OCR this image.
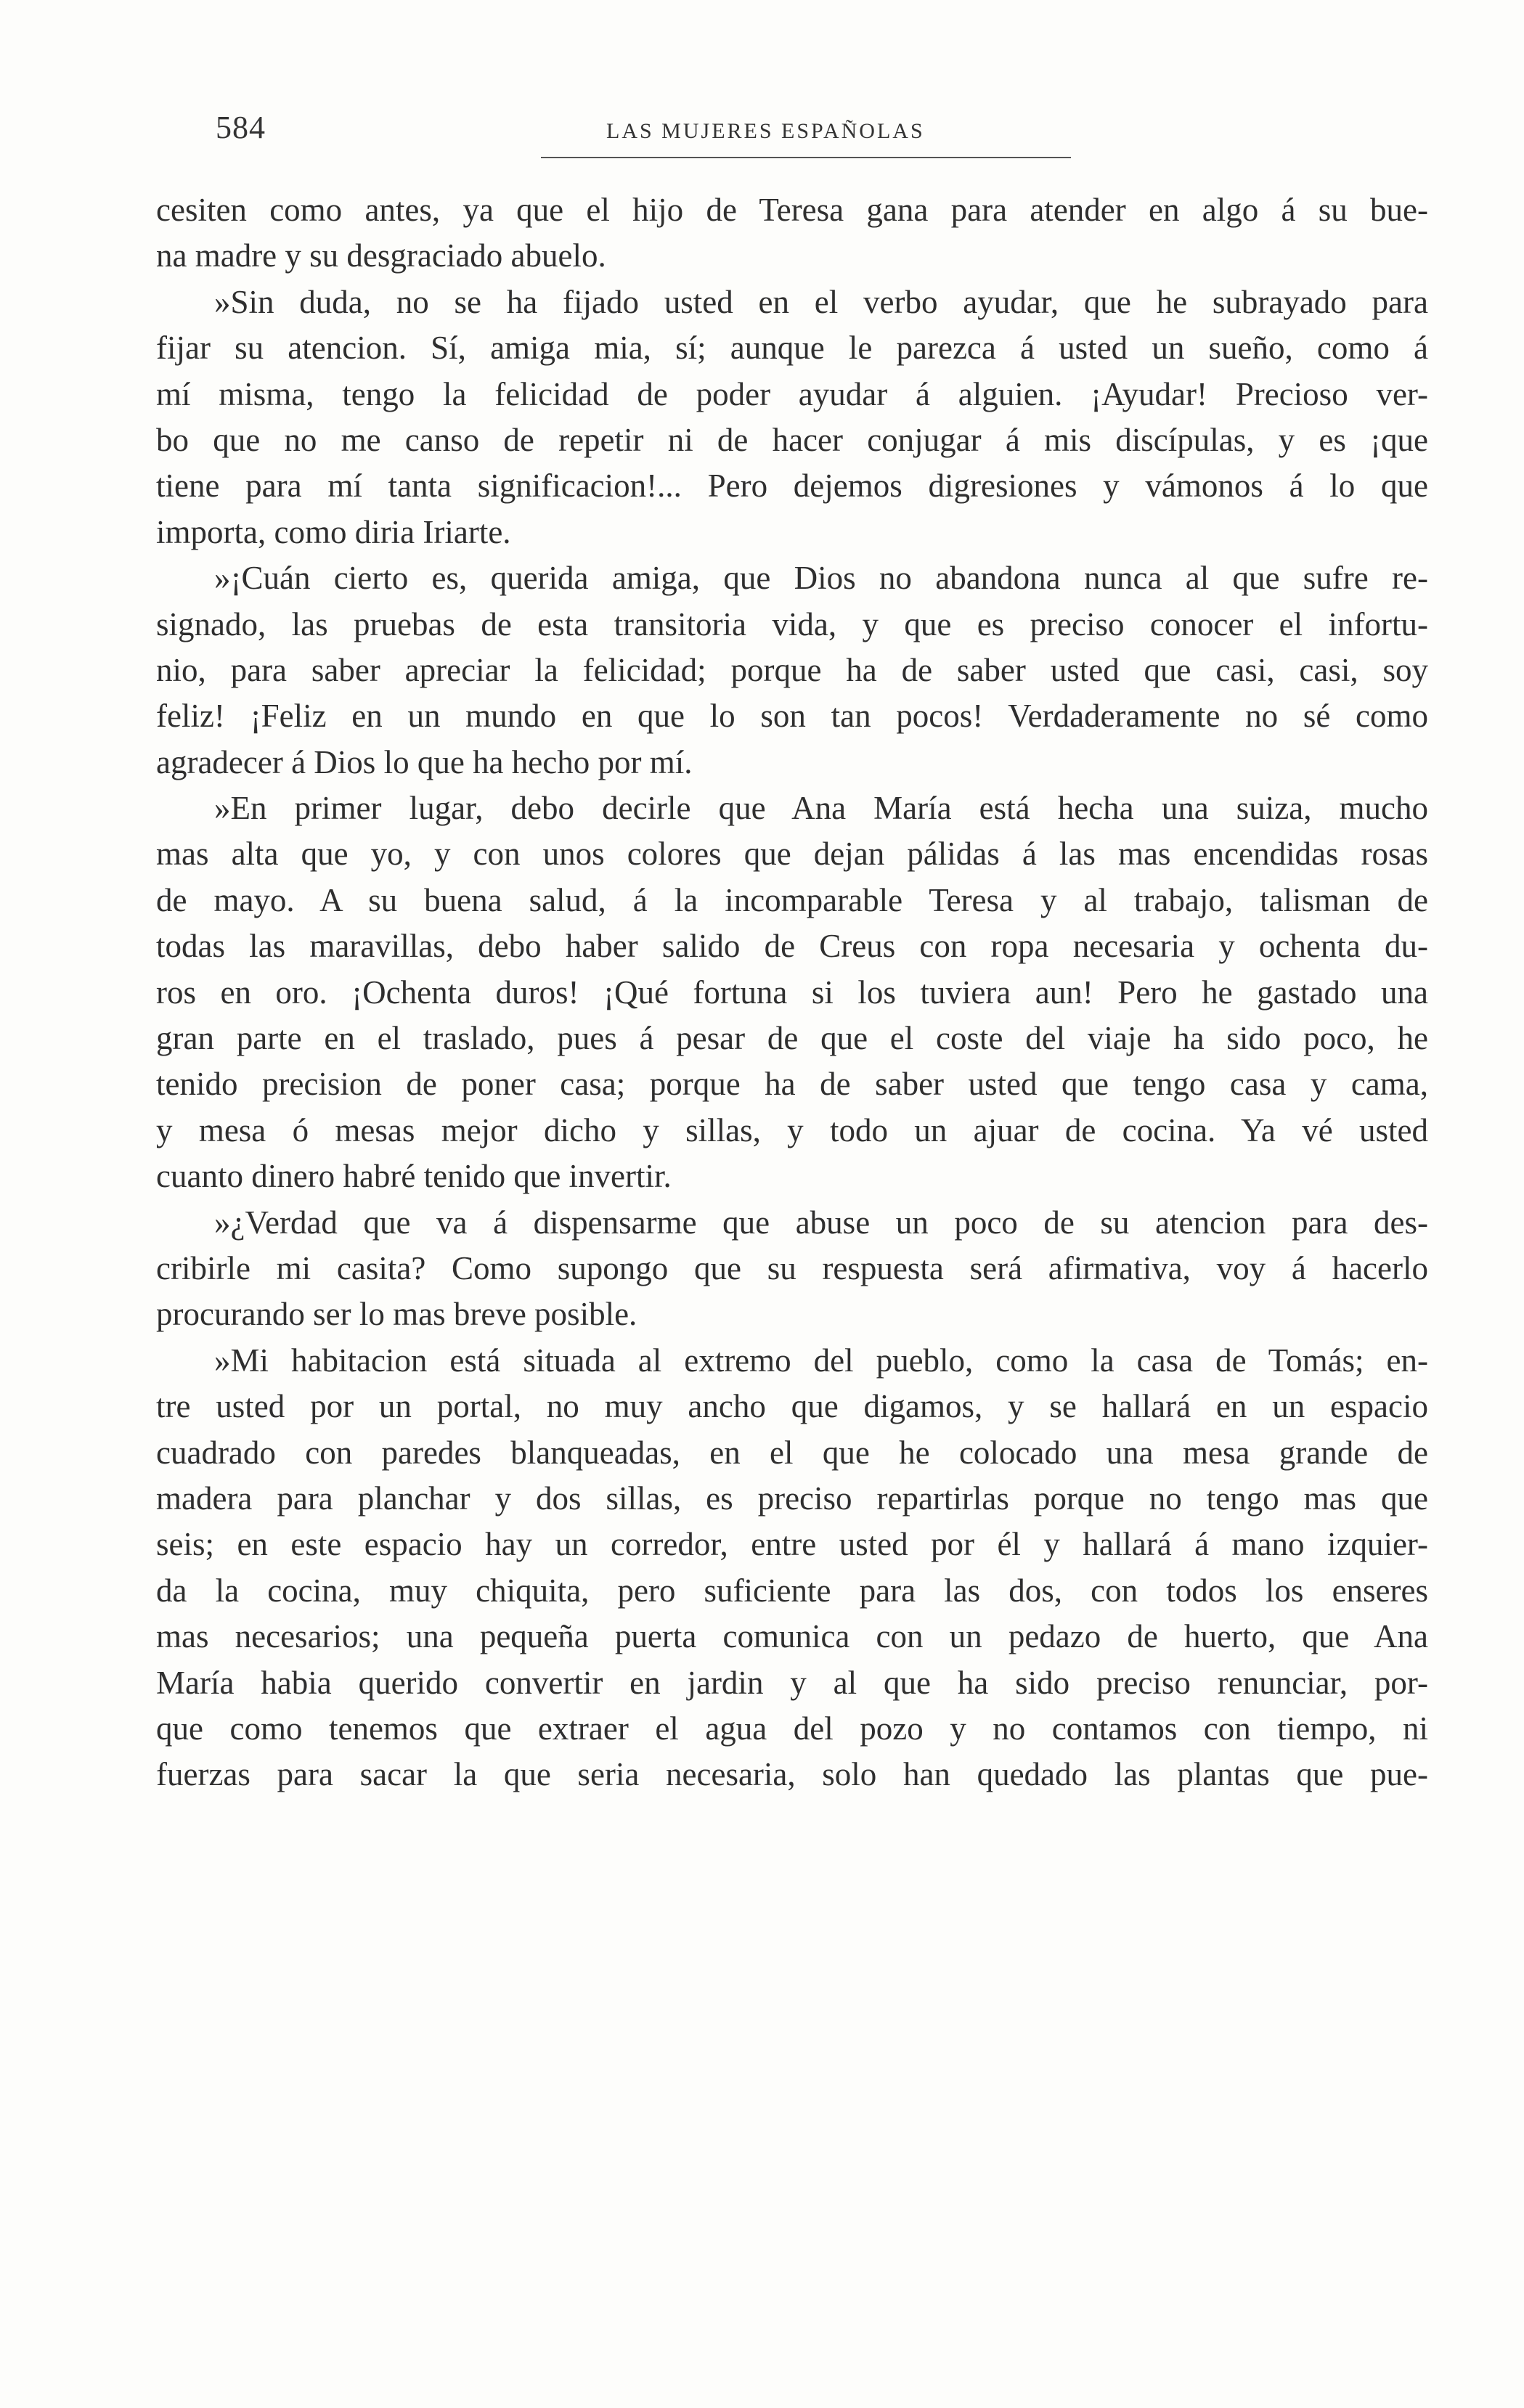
584	LAS MUJERES ESPAÑOLAS
cesiten como antes, ya que el hijo de Teresa gana para atender en algo á su bue-
na madre y su desgraciado abuelo.
»Sin duda, no se ha fijado usted en el verbo ayudar, que he subrayado para
fijar su atencion. Sí, amiga mia, sí; aunque le parezca á usted un sueño, como á
mí misma, tengo la felicidad de poder ayudar á alguien. ¡Ayudar! Precioso ver-
bo que no me canso de repetir ni de hacer conjugar á mis discípulas, y es ¡que
tiene para mí tanta significacion!... Pero dejemos digresiones y vámonos á lo que
importa, como diria Iriarte.
»¡Cuán cierto es, querida amiga, que Dios no abandona nunca al que sufre re-
signado, las pruebas de esta transitoria vida, y que es preciso conocer el infortu-
nio, para saber apreciar la felicidad; porque ha de saber usted que casi, casi, soy
feliz! ¡Feliz en un mundo en que lo son tan pocos! Verdaderamente no sé como
agradecer á Dios lo que ha hecho por mí.
»En primer lugar, debo decirle que Ana María está hecha una suiza, mucho
mas alta que yo, y con unos colores que dejan pálidas á las mas encendidas rosas
de mayo. A su buena salud, á la incomparable Teresa y al trabajo, talisman de
todas las maravillas, debo haber salido de Creus con ropa necesaria y ochenta du-
ros en oro. ¡Ochenta duros! ¡Qué fortuna si los tuviera aun! Pero he gastado una
gran parte en el traslado, pues á pesar de que el coste del viaje ha sido poco, he
tenido precision de poner casa; porque ha de saber usted que tengo casa y cama,
y mesa ó mesas mejor dicho y sillas, y todo un ajuar de cocina. Ya vé usted
cuanto dinero habré tenido que invertir.
»¿Verdad que va á dispensarme que abuse un poco de su atencion para des-
cribirle mi casita? Como supongo que su respuesta será afirmativa, voy á hacerlo
procurando ser lo mas breve posible.
»Mi habitacion está situada al extremo del pueblo, como la casa de Tomás; en-
tre usted por un portal, no muy ancho que digamos, y se hallará en un espacio
cuadrado con paredes blanqueadas, en el que he colocado una mesa grande de
madera para planchar y dos sillas, es preciso repartirlas porque no tengo mas que
seis; en este espacio hay un corredor, entre usted por él y hallará á mano izquier-
da la cocina, muy chiquita, pero suficiente para las dos, con todos los enseres
mas necesarios; una pequeña puerta comunica con un pedazo de huerto, que Ana
María habia querido convertir en jardin y al que ha sido preciso renunciar, por-
que como tenemos que extraer el agua del pozo y no contamos con tiempo, ni
fuerzas para sacar la que seria necesaria, solo han quedado las plantas que pue-
